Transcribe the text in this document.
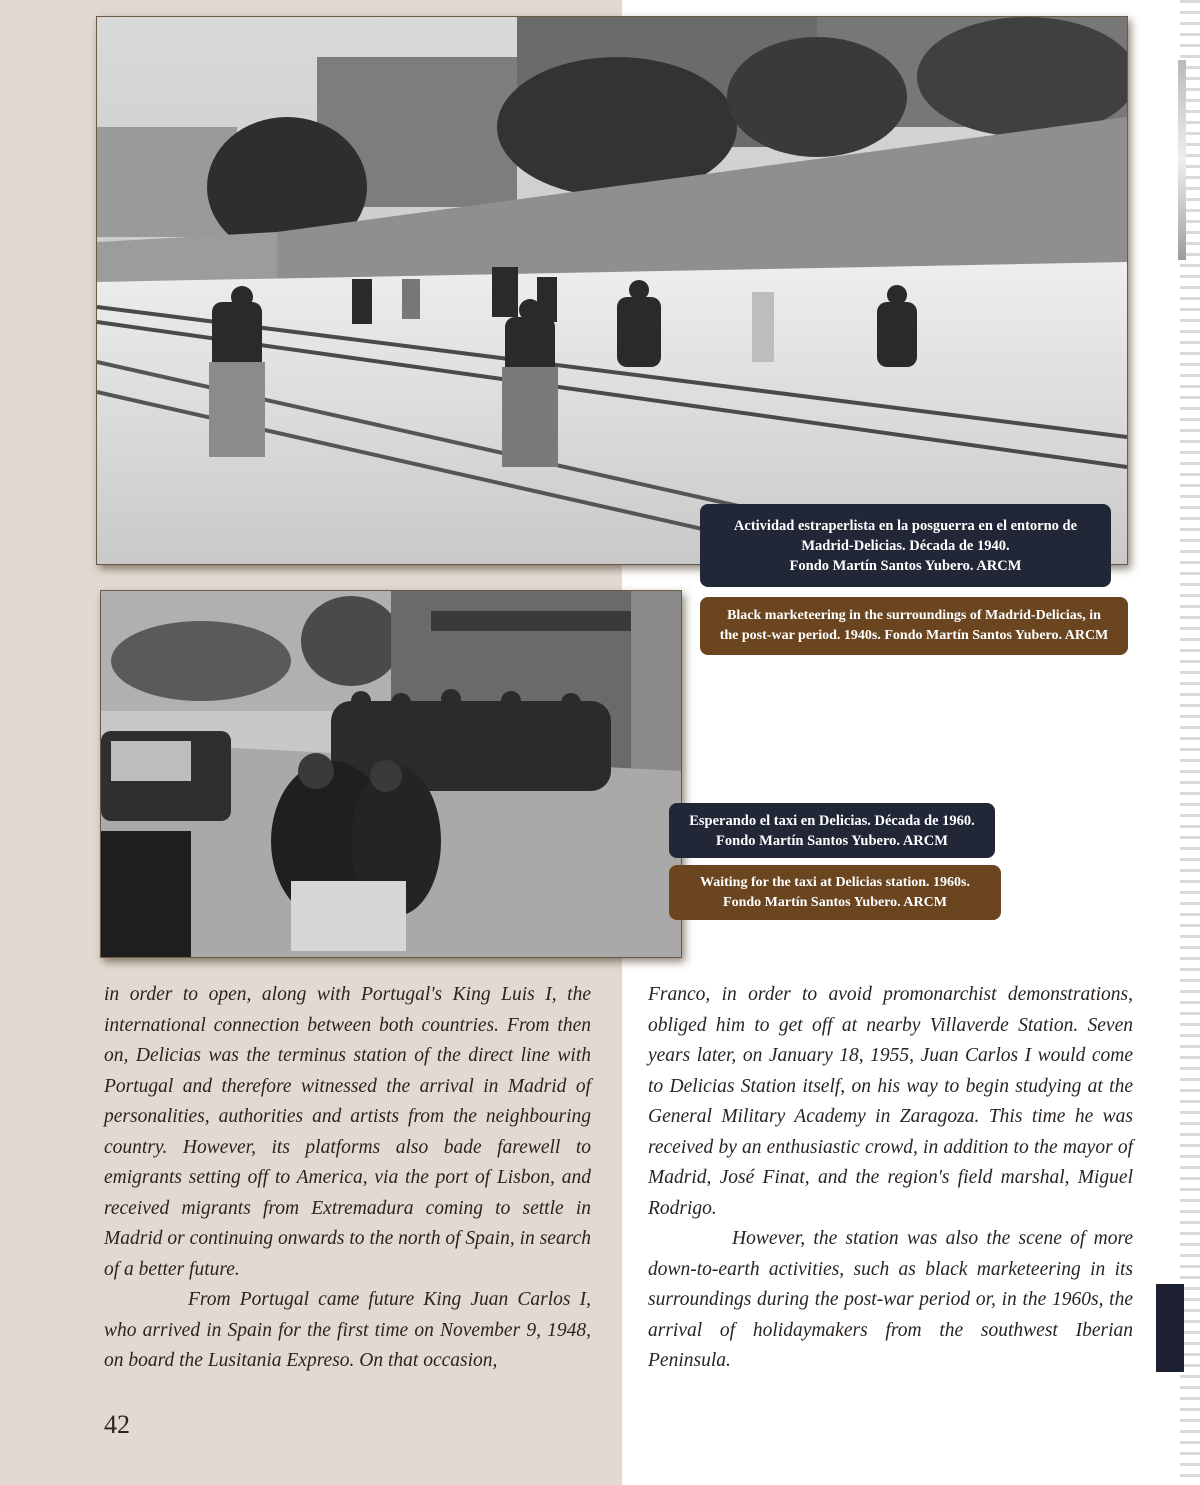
Actividad estraperlista en la posguerra en el entorno de
Madrid-Delicias. Década de 1940.
Fondo Martín Santos Yubero. ARCM
Black marketeering in the surroundings of Madrid-Delicias, in
the post-war period. 1940s. Fondo Martín Santos Yubero. ARCM
Esperando el taxi en Delicias. Década de 1960.
Fondo Martín Santos Yubero. ARCM
Waiting for the taxi at Delicias station. 1960s.
Fondo Martín Santos Yubero. ARCM

in order to open, along with Portugal's King Luis I, the international connection between both countries. From then on, Delicias was the terminus station of the direct line with Portugal and therefore witnessed the arrival in Madrid of personalities, authorities and artists from the neighbouring country. However, its platforms also bade farewell to emigrants setting off to America, via the port of Lisbon, and received migrants from Extremadura coming to settle in Madrid or continuing onwards to the north of Spain, in search of a better future.

From Portugal came future King Juan Carlos I, who arrived in Spain for the first time on November 9, 1948, on board the Lusitania Expreso. On that occasion,

Franco, in order to avoid promonarchist demonstrations, obliged him to get off at nearby Villaverde Station. Seven years later, on January 18, 1955, Juan Carlos I would come to Delicias Station itself, on his way to begin studying at the General Military Academy in Zaragoza. This time he was received by an enthusiastic crowd, in addition to the mayor of Madrid, José Finat, and the region's field marshal, Miguel Rodrigo.

However, the station was also the scene of more down-to-earth activities, such as black marketeering in its surroundings during the post-war period or, in the 1960s, the arrival of holidaymakers from the southwest Iberian Peninsula.

42
